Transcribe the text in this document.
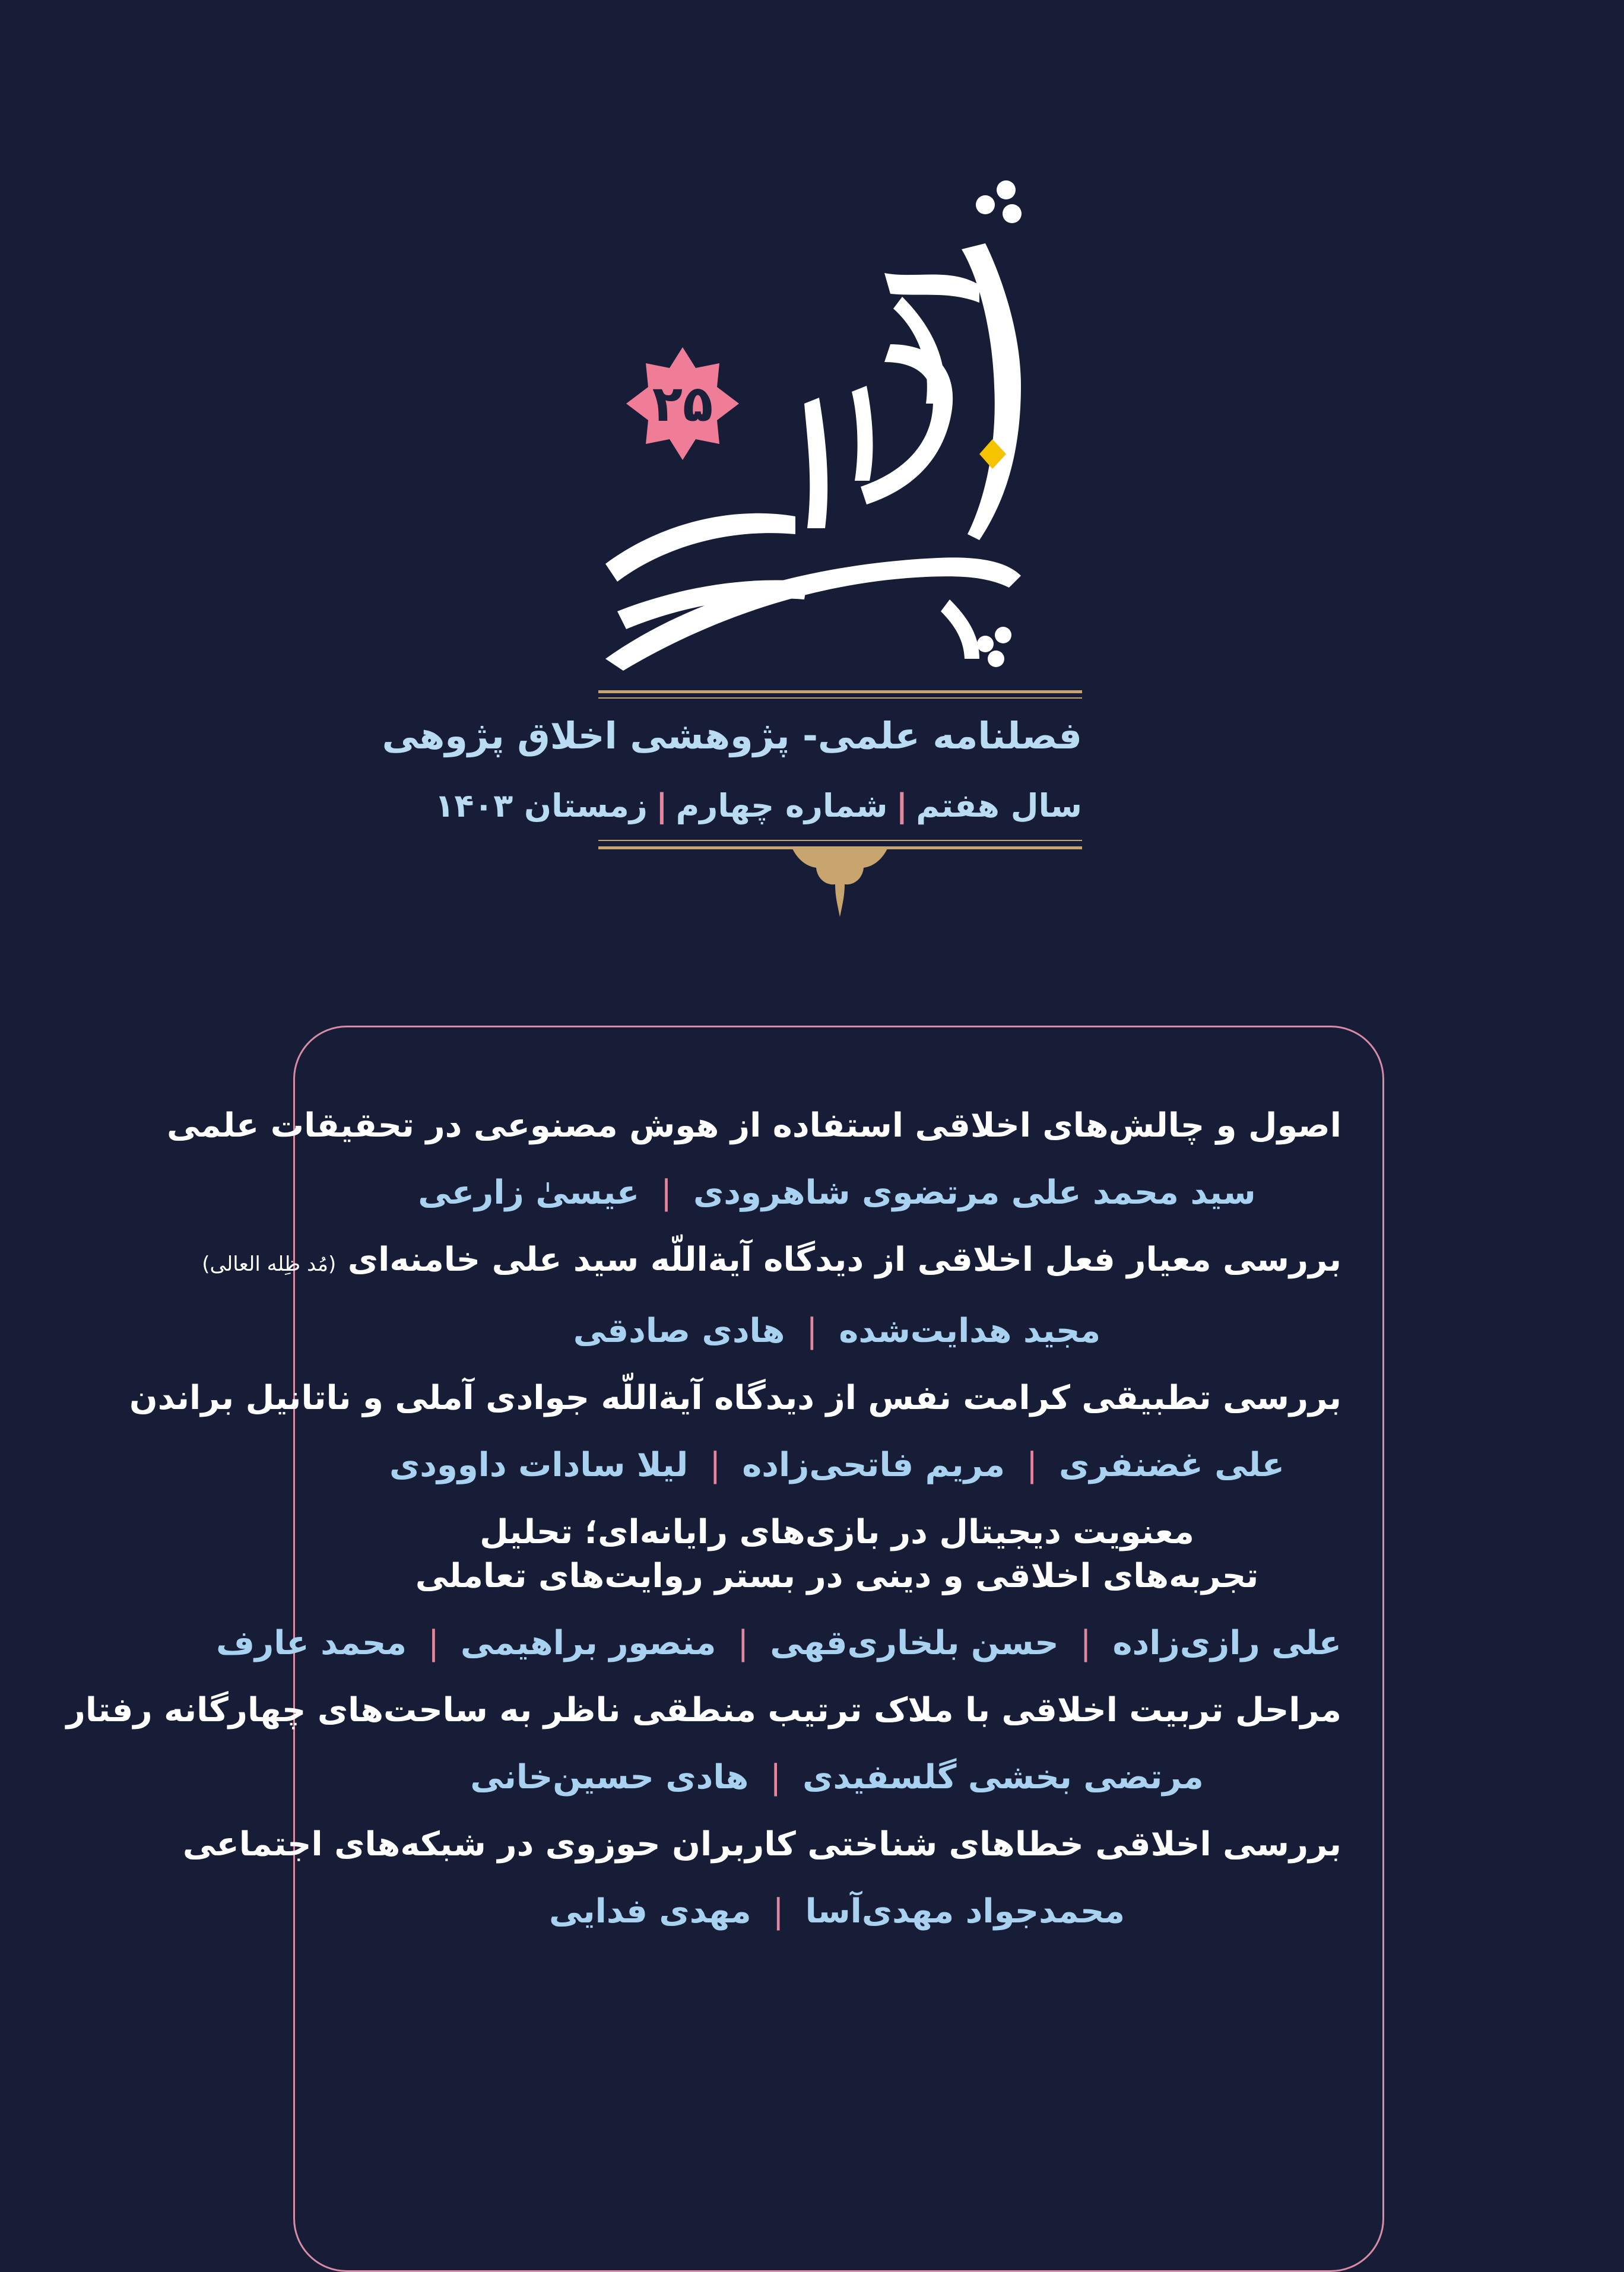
۲۵
فصلنامه علمی- پژوهشی اخلاق پژوهی
سال هفتم|شماره چهارم|زمستان ۱۴۰۳

اصول و چالش‌های اخلاقی استفاده از هوش مصنوعی در تحقیقات علمی

سید محمد علی مرتضوی شاهرودی|عیسیٰ زارعی

بررسی معیار فعل اخلاقی از دیدگاه آیة‌اللّه سید علی خامنه‌ای (مُد ظِله العالی)

مجید هدایت‌شده|هادی صادقی

بررسی تطبیقی کرامت نفس از دیدگاه آیة‌اللّه جوادی آملی و ناتانیل براندن

علی غضنفری|مریم فاتحی‌زاده|لیلا سادات داوودی

معنویت دیجیتال در بازی‌های رایانه‌ای؛ تحلیل تجربه‌های اخلاقی و دینی در بستر روایت‌های تعاملی

علی رازی‌زاده|حسن بلخاری‌قهی|منصور براهیمی|محمد عارف

مراحل تربیت اخلاقی با ملاک ترتیب منطقی ناظر به ساحت‌های چهارگانه رفتار

مرتضی بخشی گلسفیدی|هادی حسین‌خانی

بررسی اخلاقی خطاهای شناختی کاربران حوزوی در شبکه‌های اجتماعی

محمدجواد مهدی‌آسا|مهدی فدایی
